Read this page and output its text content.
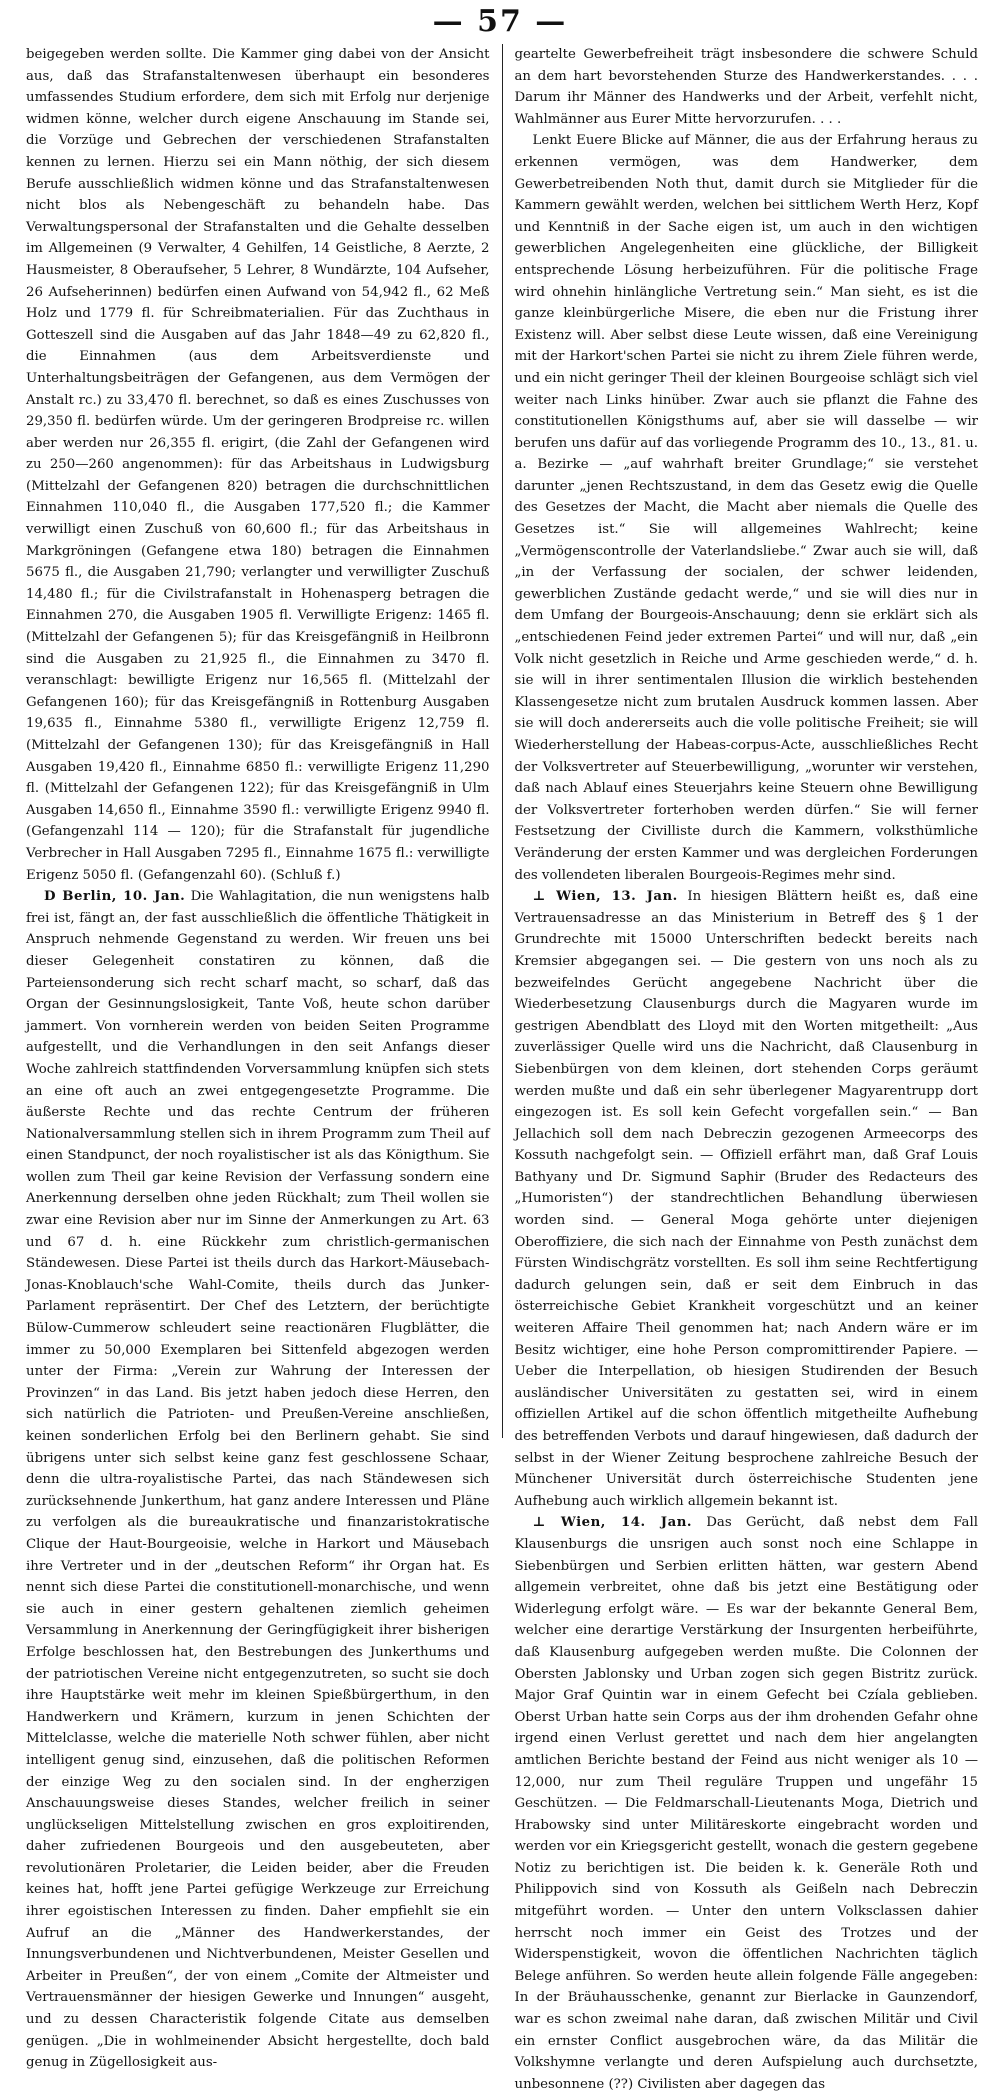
— 57 —

beigegeben werden sollte. Die Kammer ging dabei von der Ansicht aus, daß das Strafanstaltenwesen überhaupt ein besonderes umfassendes Studium erfordere, dem sich mit Erfolg nur derjenige widmen könne, welcher durch eigene Anschauung im Stande sei, die Vorzüge und Gebrechen der verschiedenen Strafanstalten kennen zu lernen. Hierzu sei ein Mann nöthig, der sich diesem Berufe ausschließlich widmen könne und das Strafanstaltenwesen nicht blos als Nebengeschäft zu behandeln habe. Das Verwaltungspersonal der Strafanstalten und die Gehalte desselben im Allgemeinen (9 Verwalter, 4 Gehilfen, 14 Geistliche, 8 Aerzte, 2 Hausmeister, 8 Oberaufseher, 5 Lehrer, 8 Wundärzte, 104 Aufseher, 26 Aufseherinnen) bedürfen einen Aufwand von 54,942 fl., 62 Meß Holz und 1779 fl. für Schreibmaterialien. Für das Zuchthaus in Gotteszell sind die Ausgaben auf das Jahr 1848—49 zu 62,820 fl., die Einnahmen (aus dem Arbeitsverdienste und Unterhaltungsbeiträgen der Gefangenen, aus dem Vermögen der Anstalt rc.) zu 33,470 fl. berechnet, so daß es eines Zuschusses von 29,350 fl. bedürfen würde. Um der geringeren Brodpreise rc. willen aber werden nur 26,355 fl. erigirt, (die Zahl der Gefangenen wird zu 250—260 angenommen): für das Arbeitshaus in Ludwigsburg (Mittelzahl der Gefangenen 820) betragen die durchschnittlichen Einnahmen 110,040 fl., die Ausgaben 177,520 fl.; die Kammer verwilligt einen Zuschuß von 60,600 fl.; für das Arbeitshaus in Markgröningen (Gefangene etwa 180) betragen die Einnahmen 5675 fl., die Ausgaben 21,790; verlangter und verwilligter Zuschuß 14,480 fl.; für die Civilstrafanstalt in Hohenasperg betragen die Einnahmen 270, die Ausgaben 1905 fl. Verwilligte Erigenz: 1465 fl. (Mittelzahl der Gefangenen 5); für das Kreisgefängniß in Heilbronn sind die Ausgaben zu 21,925 fl., die Einnahmen zu 3470 fl. veranschlagt: bewilligte Erigenz nur 16,565 fl. (Mittelzahl der Gefangenen 160); für das Kreisgefängniß in Rottenburg Ausgaben 19,635 fl., Einnahme 5380 fl., verwilligte Erigenz 12,759 fl. (Mittelzahl der Gefangenen 130); für das Kreisgefängniß in Hall Ausgaben 19,420 fl., Einnahme 6850 fl.: verwilligte Erigenz 11,290 fl. (Mittelzahl der Gefangenen 122); für das Kreisgefängniß in Ulm Ausgaben 14,650 fl., Einnahme 3590 fl.: verwilligte Erigenz 9940 fl. (Gefangenzahl 114 — 120); für die Strafanstalt für jugendliche Verbrecher in Hall Ausgaben 7295 fl., Einnahme 1675 fl.: verwilligte Erigenz 5050 fl. (Gefangenzahl 60). (Schluß f.)

D Berlin, 10. Jan. Die Wahlagitation, die nun wenigstens halb frei ist, fängt an, der fast ausschließlich die öffentliche Thätigkeit in Anspruch nehmende Gegenstand zu werden. Wir freuen uns bei dieser Gelegenheit constatiren zu können, daß die Parteiensonderung sich recht scharf macht, so scharf, daß das Organ der Gesinnungslosigkeit, Tante Voß, heute schon darüber jammert. Von vornherein werden von beiden Seiten Programme aufgestellt, und die Verhandlungen in den seit Anfangs dieser Woche zahlreich stattfindenden Vorversammlung knüpfen sich stets an eine oft auch an zwei entgegengesetzte Programme. Die äußerste Rechte und das rechte Centrum der früheren Nationalversammlung stellen sich in ihrem Programm zum Theil auf einen Standpunct, der noch royalistischer ist als das Königthum. Sie wollen zum Theil gar keine Revision der Verfassung sondern eine Anerkennung derselben ohne jeden Rückhalt; zum Theil wollen sie zwar eine Revision aber nur im Sinne der Anmerkungen zu Art. 63 und 67 d. h. eine Rückkehr zum christlich-germanischen Ständewesen. Diese Partei ist theils durch das Harkort-Mäusebach-Jonas-Knoblauch'sche Wahl-Comite, theils durch das Junker-Parlament repräsentirt. Der Chef des Letztern, der berüchtigte Bülow-Cummerow schleudert seine reactionären Flugblätter, die immer zu 50,000 Exemplaren bei Sittenfeld abgezogen werden unter der Firma: „Verein zur Wahrung der Interessen der Provinzen“ in das Land. Bis jetzt haben jedoch diese Herren, den sich natürlich die Patrioten- und Preußen-Vereine anschließen, keinen sonderlichen Erfolg bei den Berlinern gehabt. Sie sind übrigens unter sich selbst keine ganz fest geschlossene Schaar, denn die ultra-royalistische Partei, das nach Ständewesen sich zurücksehnende Junkerthum, hat ganz andere Interessen und Pläne zu verfolgen als die bureaukratische und finanzaristokratische Clique der Haut-Bourgeoisie, welche in Harkort und Mäusebach ihre Vertreter und in der „deutschen Reform“ ihr Organ hat. Es nennt sich diese Partei die constitutionell-monarchische, und wenn sie auch in einer gestern gehaltenen ziemlich geheimen Versammlung in Anerkennung der Geringfügigkeit ihrer bisherigen Erfolge beschlossen hat, den Bestrebungen des Junkerthums und der patriotischen Vereine nicht entgegenzutreten, so sucht sie doch ihre Hauptstärke weit mehr im kleinen Spießbürgerthum, in den Handwerkern und Krämern, kurzum in jenen Schichten der Mittelclasse, welche die materielle Noth schwer fühlen, aber nicht intelligent genug sind, einzusehen, daß die politischen Reformen der einzige Weg zu den socialen sind. In der engherzigen Anschauungsweise dieses Standes, welcher freilich in seiner unglückseligen Mittelstellung zwischen en gros exploitirenden, daher zufriedenen Bourgeois und den ausgebeuteten, aber revolutionären Proletarier, die Leiden beider, aber die Freuden keines hat, hofft jene Partei gefügige Werkzeuge zur Erreichung ihrer egoistischen Interessen zu finden. Daher empfiehlt sie ein Aufruf an die „Männer des Handwerkerstandes, der Innungsverbundenen und Nichtverbundenen, Meister Gesellen und Arbeiter in Preußen“, der von einem „Comite der Altmeister und Vertrauensmänner der hiesigen Gewerke und Innungen“ ausgeht, und zu dessen Characteristik folgende Citate aus demselben genügen. „Die in wohlmeinender Absicht hergestellte, doch bald genug in Zügellosigkeit aus-

geartelte Gewerbefreiheit trägt insbesondere die schwere Schuld an dem hart bevorstehenden Sturze des Handwerkerstandes. . . . Darum ihr Männer des Handwerks und der Arbeit, verfehlt nicht, Wahlmänner aus Eurer Mitte hervorzurufen. . . .

Lenkt Euere Blicke auf Männer, die aus der Erfahrung heraus zu erkennen vermögen, was dem Handwerker, dem Gewerbetreibenden Noth thut, damit durch sie Mitglieder für die Kammern gewählt werden, welchen bei sittlichem Werth Herz, Kopf und Kenntniß in der Sache eigen ist, um auch in den wichtigen gewerblichen Angelegenheiten eine glückliche, der Billigkeit entsprechende Lösung herbeizuführen. Für die politische Frage wird ohnehin hinlängliche Vertretung sein.“ Man sieht, es ist die ganze kleinbürgerliche Misere, die eben nur die Fristung ihrer Existenz will. Aber selbst diese Leute wissen, daß eine Vereinigung mit der Harkort'schen Partei sie nicht zu ihrem Ziele führen werde, und ein nicht geringer Theil der kleinen Bourgeoise schlägt sich viel weiter nach Links hinüber. Zwar auch sie pflanzt die Fahne des constitutionellen Königsthums auf, aber sie will dasselbe — wir berufen uns dafür auf das vorliegende Programm des 10., 13., 81. u. a. Bezirke — „auf wahrhaft breiter Grundlage;“ sie verstehet darunter „jenen Rechtszustand, in dem das Gesetz ewig die Quelle des Gesetzes der Macht, die Macht aber niemals die Quelle des Gesetzes ist.“ Sie will allgemeines Wahlrecht; keine „Vermögenscontrolle der Vaterlandsliebe.“ Zwar auch sie will, daß „in der Verfassung der socialen, der schwer leidenden, gewerblichen Zustände gedacht werde,“ und sie will dies nur in dem Umfang der Bourgeois-Anschauung; denn sie erklärt sich als „entschiedenen Feind jeder extremen Partei“ und will nur, daß „ein Volk nicht gesetzlich in Reiche und Arme geschieden werde,“ d. h. sie will in ihrer sentimentalen Illusion die wirklich bestehenden Klassengesetze nicht zum brutalen Ausdruck kommen lassen. Aber sie will doch andererseits auch die volle politische Freiheit; sie will Wiederherstellung der Habeas-corpus-Acte, ausschließliches Recht der Volksvertreter auf Steuerbewilligung, „worunter wir verstehen, daß nach Ablauf eines Steuerjahrs keine Steuern ohne Bewilligung der Volksvertreter forterhoben werden dürfen.“ Sie will ferner Festsetzung der Civilliste durch die Kammern, volksthümliche Veränderung der ersten Kammer und was dergleichen Forderungen des vollendeten liberalen Bourgeois-Regimes mehr sind.

⊥ Wien, 13. Jan. In hiesigen Blättern heißt es, daß eine Vertrauensadresse an das Ministerium in Betreff des § 1 der Grundrechte mit 15000 Unterschriften bedeckt bereits nach Kremsier abgegangen sei. — Die gestern von uns noch als zu bezweifelndes Gerücht angegebene Nachricht über die Wiederbesetzung Clausenburgs durch die Magyaren wurde im gestrigen Abendblatt des Lloyd mit den Worten mitgetheilt: „Aus zuverlässiger Quelle wird uns die Nachricht, daß Clausenburg in Siebenbürgen von dem kleinen, dort stehenden Corps geräumt werden mußte und daß ein sehr überlegener Magyarentrupp dort eingezogen ist. Es soll kein Gefecht vorgefallen sein.“ — Ban Jellachich soll dem nach Debreczin gezogenen Armeecorps des Kossuth nachgefolgt sein. — Offiziell erfährt man, daß Graf Louis Bathyany und Dr. Sigmund Saphir (Bruder des Redacteurs des „Humoristen“) der standrechtlichen Behandlung überwiesen worden sind. — General Moga gehörte unter diejenigen Oberoffiziere, die sich nach der Einnahme von Pesth zunächst dem Fürsten Windischgrätz vorstellten. Es soll ihm seine Rechtfertigung dadurch gelungen sein, daß er seit dem Einbruch in das österreichische Gebiet Krankheit vorgeschützt und an keiner weiteren Affaire Theil genommen hat; nach Andern wäre er im Besitz wichtiger, eine hohe Person compromittirender Papiere. — Ueber die Interpellation, ob hiesigen Studirenden der Besuch ausländischer Universitäten zu gestatten sei, wird in einem offiziellen Artikel auf die schon öffentlich mitgetheilte Aufhebung des betreffenden Verbots und darauf hingewiesen, daß dadurch der selbst in der Wiener Zeitung besprochene zahlreiche Besuch der Münchener Universität durch österreichische Studenten jene Aufhebung auch wirklich allgemein bekannt ist.

⊥ Wien, 14. Jan. Das Gerücht, daß nebst dem Fall Klausenburgs die unsrigen auch sonst noch eine Schlappe in Siebenbürgen und Serbien erlitten hätten, war gestern Abend allgemein verbreitet, ohne daß bis jetzt eine Bestätigung oder Widerlegung erfolgt wäre. — Es war der bekannte General Bem, welcher eine derartige Verstärkung der Insurgenten herbeiführte, daß Klausenburg aufgegeben werden mußte. Die Colonnen der Obersten Jablonsky und Urban zogen sich gegen Bistritz zurück. Major Graf Quintin war in einem Gefecht bei Czíala geblieben. Oberst Urban hatte sein Corps aus der ihm drohenden Gefahr ohne irgend einen Verlust gerettet und nach dem hier angelangten amtlichen Berichte bestand der Feind aus nicht weniger als 10 — 12,000, nur zum Theil reguläre Truppen und ungefähr 15 Geschützen. — Die Feldmarschall-Lieutenants Moga, Dietrich und Hrabowsky sind unter Militäreskorte eingebracht worden und werden vor ein Kriegsgericht gestellt, wonach die gestern gegebene Notiz zu berichtigen ist. Die beiden k. k. Generäle Roth und Philippovich sind von Kossuth als Geißeln nach Debreczin mitgeführt worden. — Unter den untern Volksclassen dahier herrscht noch immer ein Geist des Trotzes und der Widerspenstigkeit, wovon die öffentlichen Nachrichten täglich Belege anführen. So werden heute allein folgende Fälle angegeben: In der Bräuhausschenke, genannt zur Bierlacke in Gaunzendorf, war es schon zweimal nahe daran, daß zwischen Militär und Civil ein ernster Conflict ausgebrochen wäre, da das Militär die Volkshymne verlangte und deren Aufspielung auch durchsetzte, unbesonnene (??) Civilisten aber dagegen das
